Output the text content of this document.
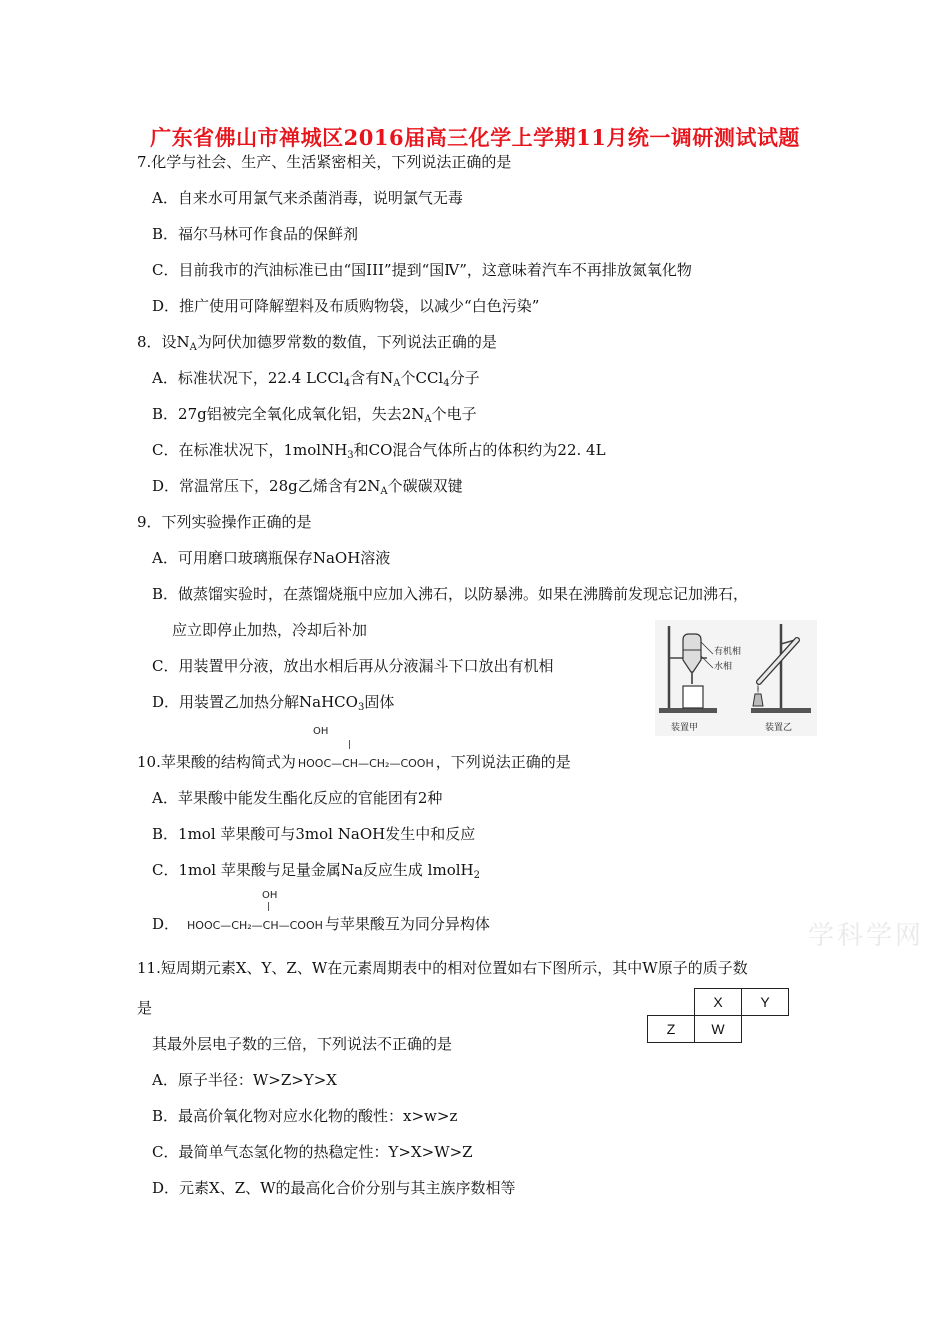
广东省佛山市禅城区2016届高三化学上学期11月统一调研测试试题
7.化学与社会、生产、生活紧密相关，下列说法正确的是
A．自来水可用氯气来杀菌消毒，说明氯气无毒
B．福尔马林可作食品的保鲜剂
C．目前我市的汽油标准已由“国III”提到“国Ⅳ”，这意味着汽车不再排放氮氧化物
D．推广使用可降解塑料及布质购物袋，以减少“白色污染”
8．设$N_A$为阿伏加德罗常数的数值，下列说法正确的是
A．标准状况下，22.4 LCCl$_4$含有$N_A$个CCl$_4$分子
B．27g铝被完全氧化成氧化铝，失去$2N_A$个电子
C．在标准状况下，1molNH$_3$和CO混合气体所占的体积约为22. 4L
D．常温常压下，28g乙烯含有$2N_A$个碳碳双键
9．下列实验操作正确的是
A．可用磨口玻璃瓶保存NaOH溶液
B．做蒸馏实验时，在蒸馏烧瓶中应加入沸石，以防暴沸。如果在沸腾前发现忘记加沸石，
应立即停止加热，冷却后补加
C．用装置甲分液，放出水相后再从分液漏斗下口放出有机相
D．用装置乙加热分解NaHCO$_3$固体
有机相
水相
装置甲	装置乙
OH
|
10.苹果酸的结构简式为 HOOC—CH—CH₂—COOH ，下列说法正确的是
A．苹果酸中能发生酯化反应的官能团有2种
B．1mol 苹果酸可与3mol NaOH发生中和反应
C．1mol 苹果酸与足量金属Na反应生成 lmolH$_2$
OH
|
D． HOOC—CH₂—CH—COOH 与苹果酸互为同分异构体	学科学网
11.短周期元素X、Y、Z、W在元素周期表中的相对位置如右下图所示，其中W原子的质子数
是
其最外层电子数的三倍，下列说法不正确的是
	X	Y
Z	W	
A．原子半径：W>Z>Y>X
B．最高价氧化物对应水化物的酸性：x>w>z
C．最简单气态氢化物的热稳定性：Y>X>W>Z
D．元素X、Z、W的最高化合价分别与其主族序数相等
